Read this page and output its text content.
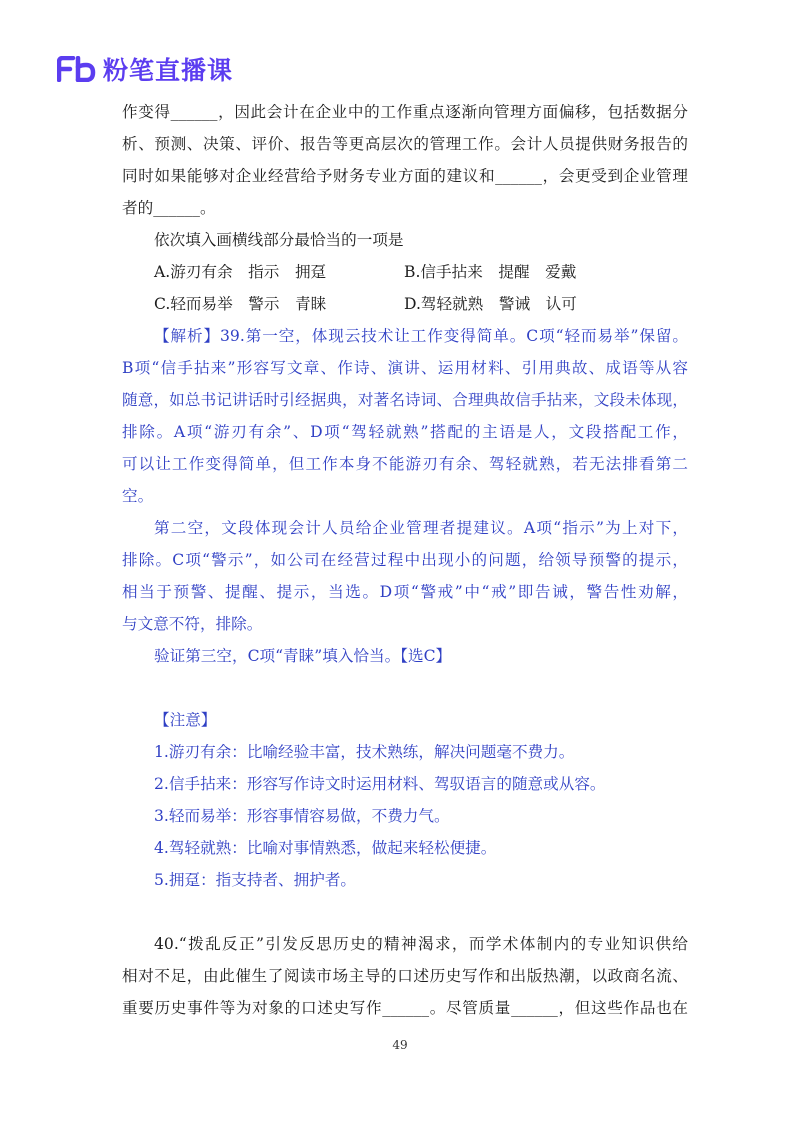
粉笔直播课
作变得______，因此会计在企业中的工作重点逐渐向管理方面偏移，包括数据分
析、预测、决策、评价、报告等更高层次的管理工作。会计人员提供财务报告的
同时如果能够对企业经营给予财务专业方面的建议和______，会更受到企业管理
者的______。
依次填入画横线部分最恰当的一项是
A.游刃有余　指示　拥趸	B.信手拈来　提醒　爱戴
C.轻而易举　警示　青睐	D.驾轻就熟　警诫　认可
【解析】39.第一空，体现云技术让工作变得简单。C项“轻而易举”保留。
B项“信手拈来”形容写文章、作诗、演讲、运用材料、引用典故、成语等从容
随意，如总书记讲话时引经据典，对著名诗词、合理典故信手拈来，文段未体现，
排除。A项“游刃有余”、D项“驾轻就熟”搭配的主语是人，文段搭配工作，
可以让工作变得简单，但工作本身不能游刃有余、驾轻就熟，若无法排看第二
空。
第二空，文段体现会计人员给企业管理者提建议。A项“指示”为上对下，
排除。C项“警示”，如公司在经营过程中出现小的问题，给领导预警的提示，
相当于预警、提醒、提示，当选。D项“警戒”中“戒”即告诫，警告性劝解，
与文意不符，排除。
验证第三空，C项“青睐”填入恰当。【选C】
【注意】
1.游刃有余：比喻经验丰富，技术熟练，解决问题毫不费力。
2.信手拈来：形容写作诗文时运用材料、驾驭语言的随意或从容。
3.轻而易举：形容事情容易做，不费力气。
4.驾轻就熟：比喻对事情熟悉，做起来轻松便捷。
5.拥趸：指支持者、拥护者。
40.“拨乱反正”引发反思历史的精神渴求，而学术体制内的专业知识供给
相对不足，由此催生了阅读市场主导的口述历史写作和出版热潮，以政商名流、
重要历史事件等为对象的口述史写作______。尽管质量______，但这些作品也在
49
